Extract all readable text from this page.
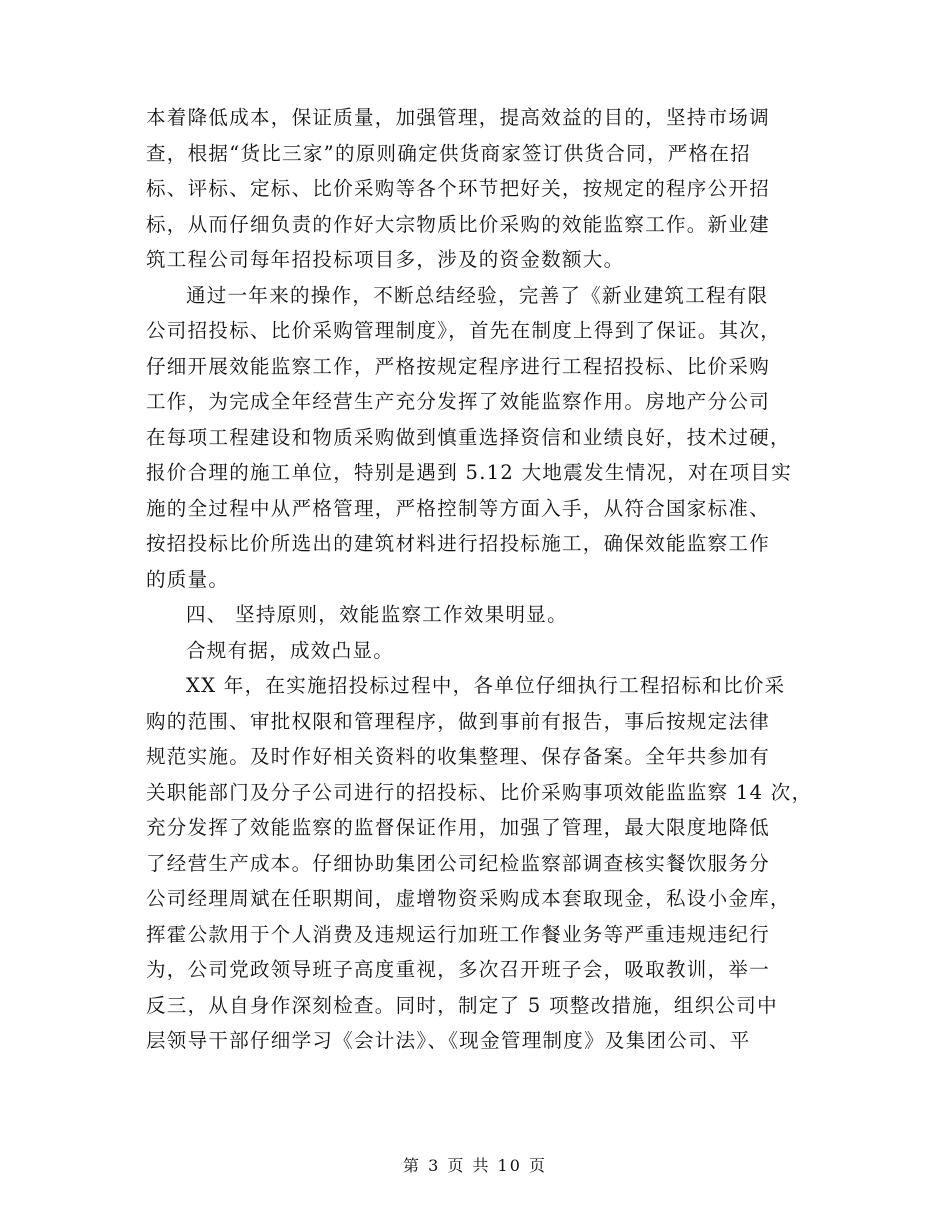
本着降低成本，保证质量，加强管理，提高效益的目的，坚持市场调
查，根据“货比三家”的原则确定供货商家签订供货合同，严格在招
标、评标、定标、比价采购等各个环节把好关，按规定的程序公开招
标，从而仔细负责的作好大宗物质比价采购的效能监察工作。新业建
筑工程公司每年招投标项目多，涉及的资金数额大。
通过一年来的操作，不断总结经验，完善了《新业建筑工程有限
公司招投标、比价采购管理制度》，首先在制度上得到了保证。其次，
仔细开展效能监察工作，严格按规定程序进行工程招投标、比价采购
工作，为完成全年经营生产充分发挥了效能监察作用。房地产分公司
在每项工程建设和物质采购做到慎重选择资信和业绩良好，技术过硬，
报价合理的施工单位，特别是遇到 5.12 大地震发生情况，对在项目实
施的全过程中从严格管理，严格控制等方面入手，从符合国家标准、
按招投标比价所选出的建筑材料进行招投标施工，确保效能监察工作
的质量。
四、 坚持原则，效能监察工作效果明显。
合规有据，成效凸显。
XX 年，在实施招投标过程中，各单位仔细执行工程招标和比价采
购的范围、审批权限和管理程序，做到事前有报告，事后按规定法律
规范实施。及时作好相关资料的收集整理、保存备案。全年共参加有
关职能部门及分子公司进行的招投标、比价采购事项效能监监察 14 次，
充分发挥了效能监察的监督保证作用，加强了管理，最大限度地降低
了经营生产成本。仔细协助集团公司纪检监察部调查核实餐饮服务分
公司经理周斌在任职期间，虚增物资采购成本套取现金，私设小金库，
挥霍公款用于个人消费及违规运行加班工作餐业务等严重违规违纪行
为，公司党政领导班子高度重视，多次召开班子会，吸取教训，举一
反三，从自身作深刻检查。同时，制定了 5 项整改措施，组织公司中
层领导干部仔细学习《会计法》、《现金管理制度》及集团公司、平
第 3 页 共 10 页
